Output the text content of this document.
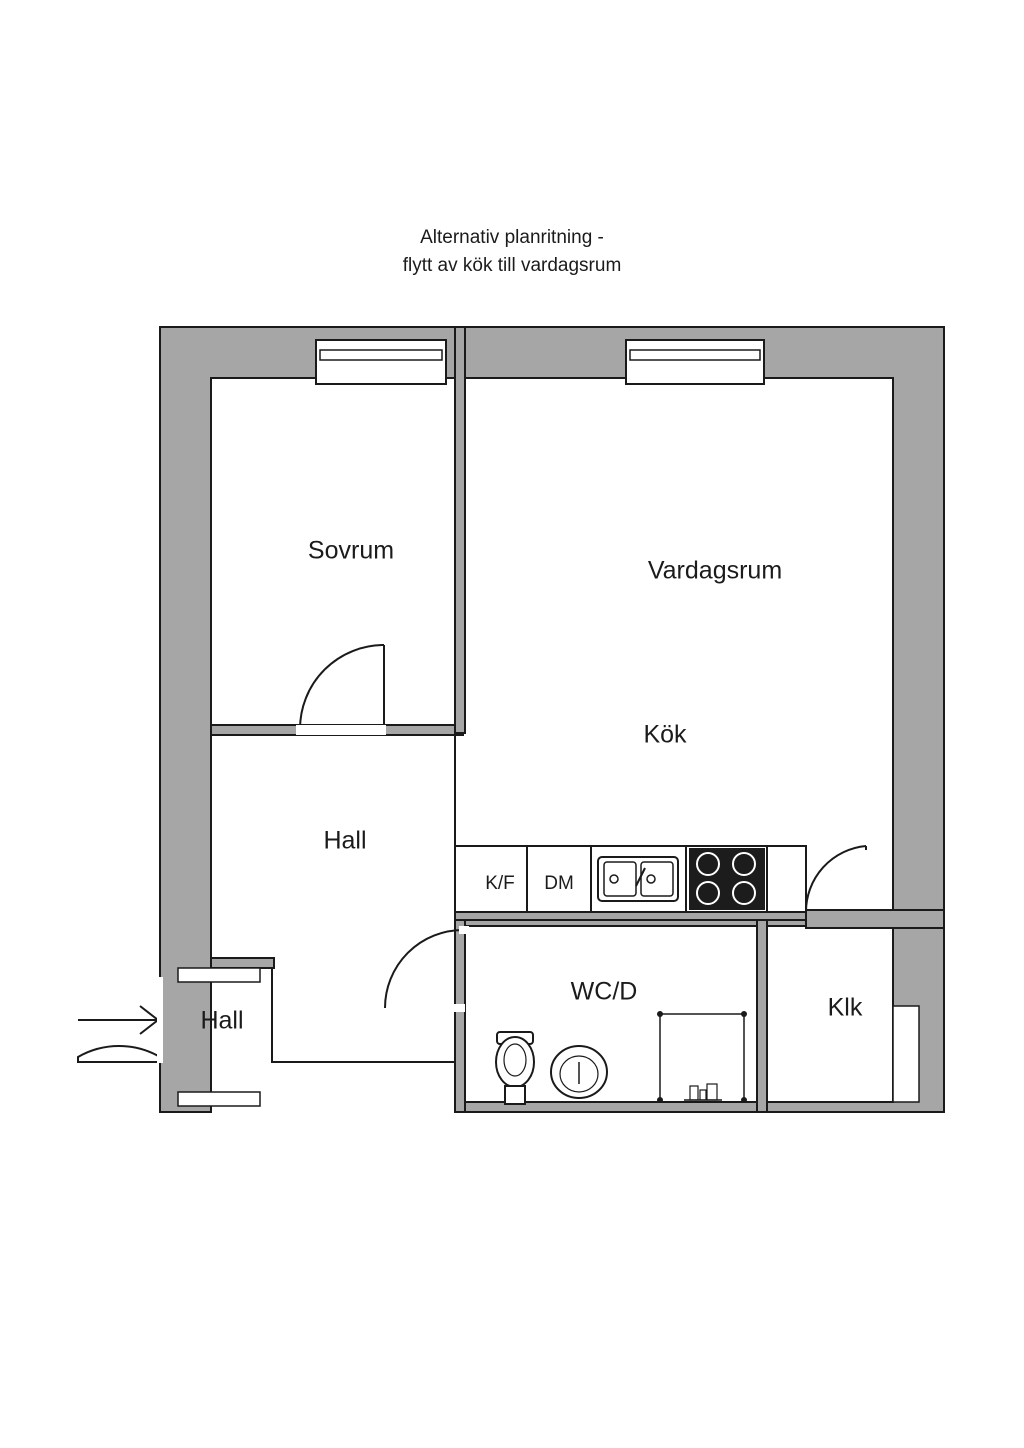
Alternativ planritning -
flytt av kök till vardagsrum
Sovrum
Vardagsrum
Kök
Hall
Hall
WC/D
Klk
K/F DM
